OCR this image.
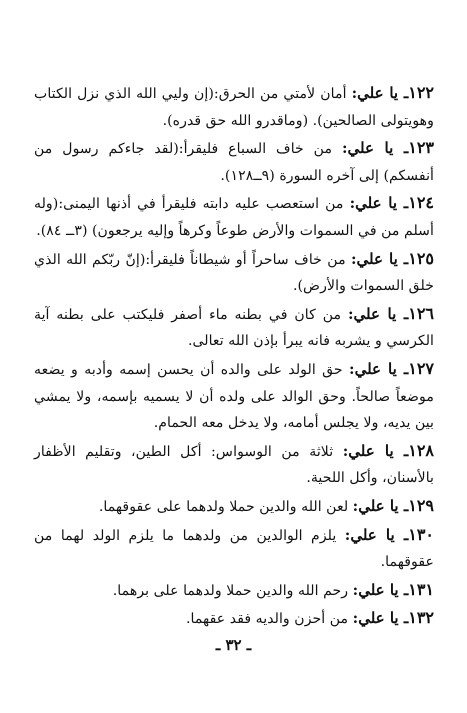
١٢٢ـ يا علي: أمان لأمتي من الحرق:(إن وليي الله الذي نزل الكتاب وهويتولى الصالحين). (وماقدرو الله حق قدره).

١٢٣ـ يا علي: من خاف السباع فليقرأ:(لقد جاءكم رسول من أنفسكم) إلى آخره السورة (٩ــ١٢٨).

١٢٤ـ يا علي: من استعصب عليه دابته فليقرأ في أذنها اليمنى:(وله أسلم من في السموات والأرض طوعاً وكرهاً وإليه يرجعون) (٣ــ ٨٤).

١٢٥ـ يا علي: من خاف ساحراً أو شيطاناً فليقرأ:(إنّ ربّكم الله الذي خلق السموات والأرض).

١٢٦ـ يا علي: من كان في بطنه ماء أصفر فليكتب على بطنه آية الكرسي و يشربه فانه يبرأ بإذن الله تعالى.

١٢٧ـ يا علي: حق الولد على والده أن يحسن إسمه وأدبه و يضعه موضعاً صالحاً. وحق الوالد على ولده أن لا يسميه بإسمه، ولا يمشي بين يديه، ولا يجلس أمامه، ولا يدخل معه الحمام.

١٢٨ـ يا علي: ثلاثة من الوسواس: أكل الطين، وتقليم الأظفار بالأسنان، وأكل اللحية.

١٢٩ـ يا علي: لعن الله والدين حملا ولدهما على عقوقهما.

١٣٠ـ يا علي: يلزم الوالدين من ولدهما ما يلزم الولد لهما من عقوقهما.

١٣١ـ يا علي: رحم الله والدين حملا ولدهما على برهما.

١٣٢ـ يا علي: من أحزن والديه فقد عقهما.

ـ ٣٢ ـ
